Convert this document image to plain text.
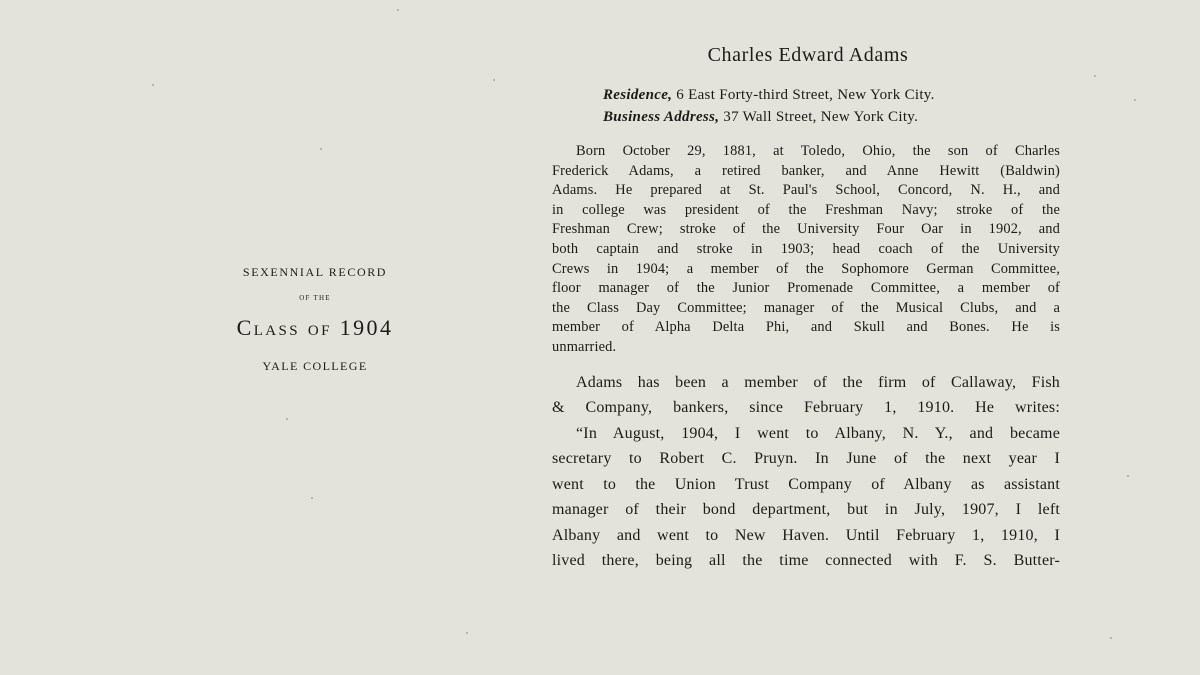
SEXENNIAL RECORD

OF THE

Class of 1904

YALE COLLEGE

Charles Edward Adams
Residence, 6 East Forty-third Street, New York City.
Business Address, 37 Wall Street, New York City.
Born October 29, 1881, at Toledo, Ohio, the son of Charles
Frederick Adams, a retired banker, and Anne Hewitt (Baldwin)
Adams. He prepared at St. Paul's School, Concord, N. H., and
in college was president of the Freshman Navy; stroke of the
Freshman Crew; stroke of the University Four Oar in 1902, and
both captain and stroke in 1903; head coach of the University
Crews in 1904; a member of the Sophomore German Committee,
floor manager of the Junior Promenade Committee, a member of
the Class Day Committee; manager of the Musical Clubs, and a
member of Alpha Delta Phi, and Skull and Bones. He is
unmarried.
Adams has been a member of the firm of Callaway, Fish
& Company, bankers, since February 1, 1910. He writes:
“In August, 1904, I went to Albany, N. Y., and became
secretary to Robert C. Pruyn. In June of the next year I
went to the Union Trust Company of Albany as assistant
manager of their bond department, but in July, 1907, I left
Albany and went to New Haven. Until February 1, 1910, I
lived there, being all the time connected with F. S. Butter-
